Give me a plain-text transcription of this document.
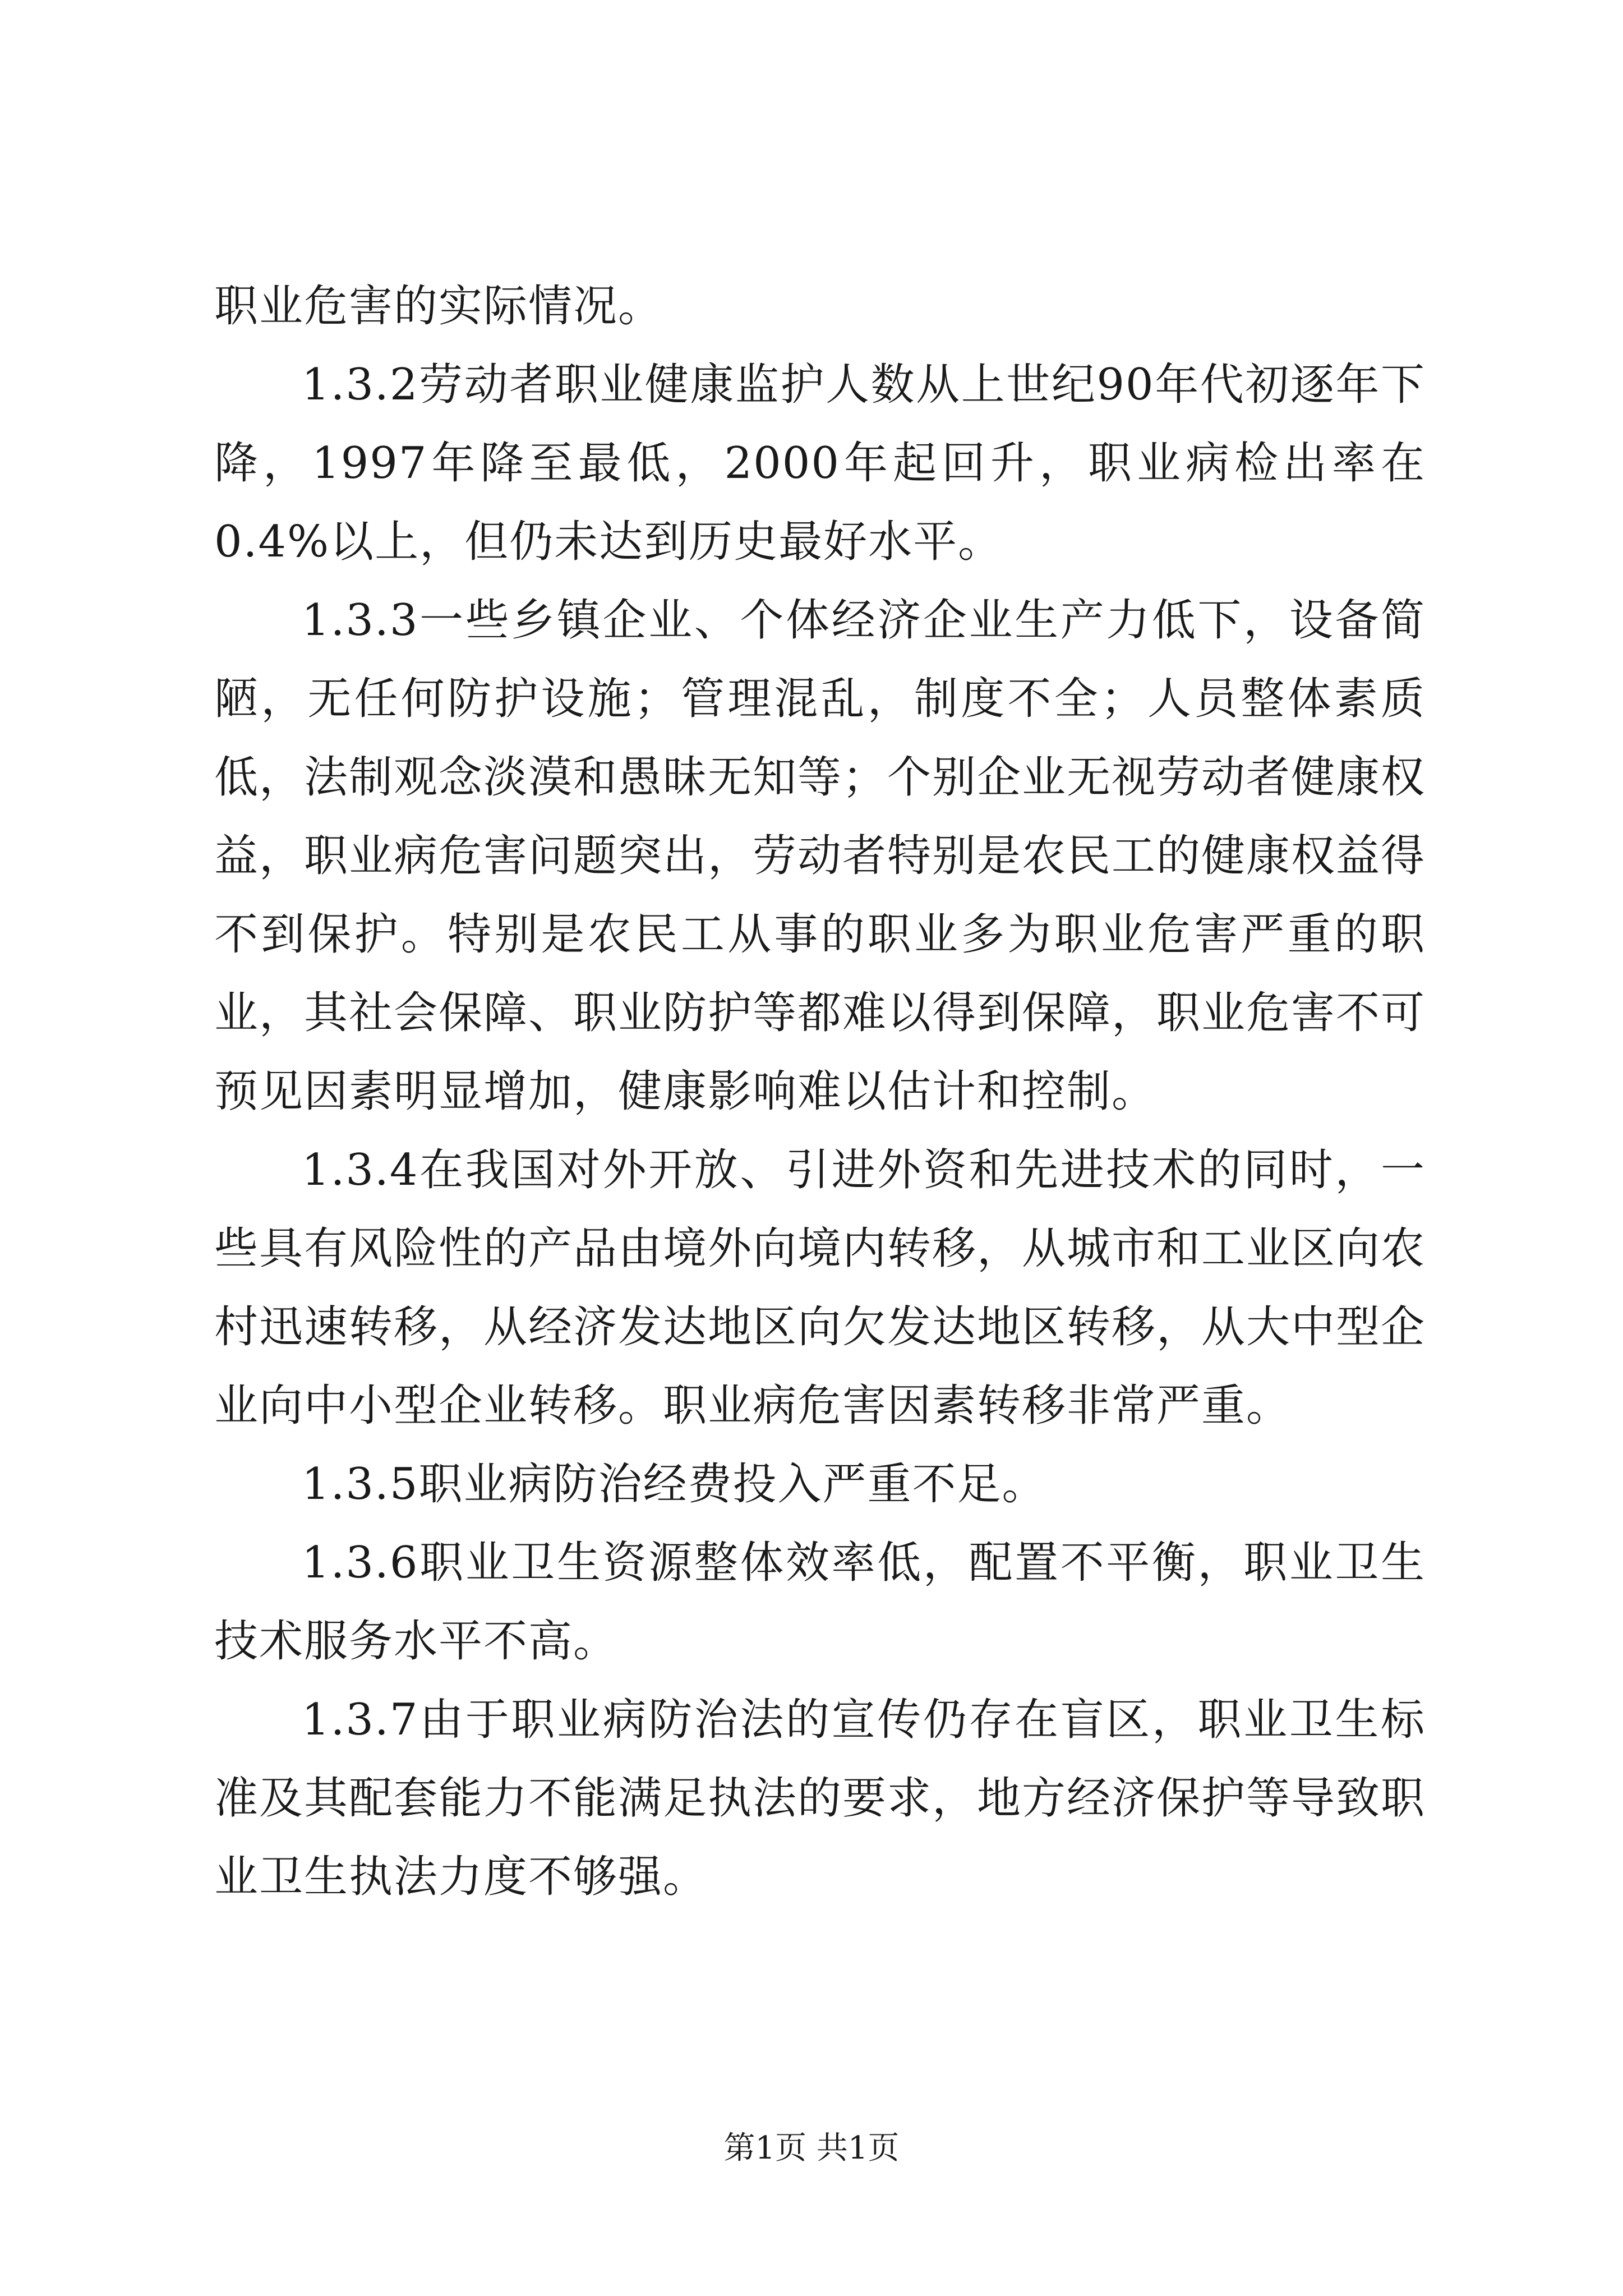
职业危害的实际情况。

1.3.2劳动者职业健康监护人数从上世纪90年代初逐年下降，1997年降至最低，2000年起回升，职业病检出率在0.4%以上，但仍未达到历史最好水平。

1.3.3一些乡镇企业、个体经济企业生产力低下，设备简陋，无任何防护设施；管理混乱，制度不全；人员整体素质低，法制观念淡漠和愚昧无知等；个别企业无视劳动者健康权益，职业病危害问题突出，劳动者特别是农民工的健康权益得不到保护。特别是农民工从事的职业多为职业危害严重的职业，其社会保障、职业防护等都难以得到保障，职业危害不可预见因素明显增加，健康影响难以估计和控制。

1.3.4在我国对外开放、引进外资和先进技术的同时，一些具有风险性的产品由境外向境内转移，从城市和工业区向农村迅速转移，从经济发达地区向欠发达地区转移，从大中型企业向中小型企业转移。职业病危害因素转移非常严重。

1.3.5职业病防治经费投入严重不足。

1.3.6职业卫生资源整体效率低，配置不平衡，职业卫生技术服务水平不高。

1.3.7由于职业病防治法的宣传仍存在盲区，职业卫生标准及其配套能力不能满足执法的要求，地方经济保护等导致职业卫生执法力度不够强。

第1页 共1页
